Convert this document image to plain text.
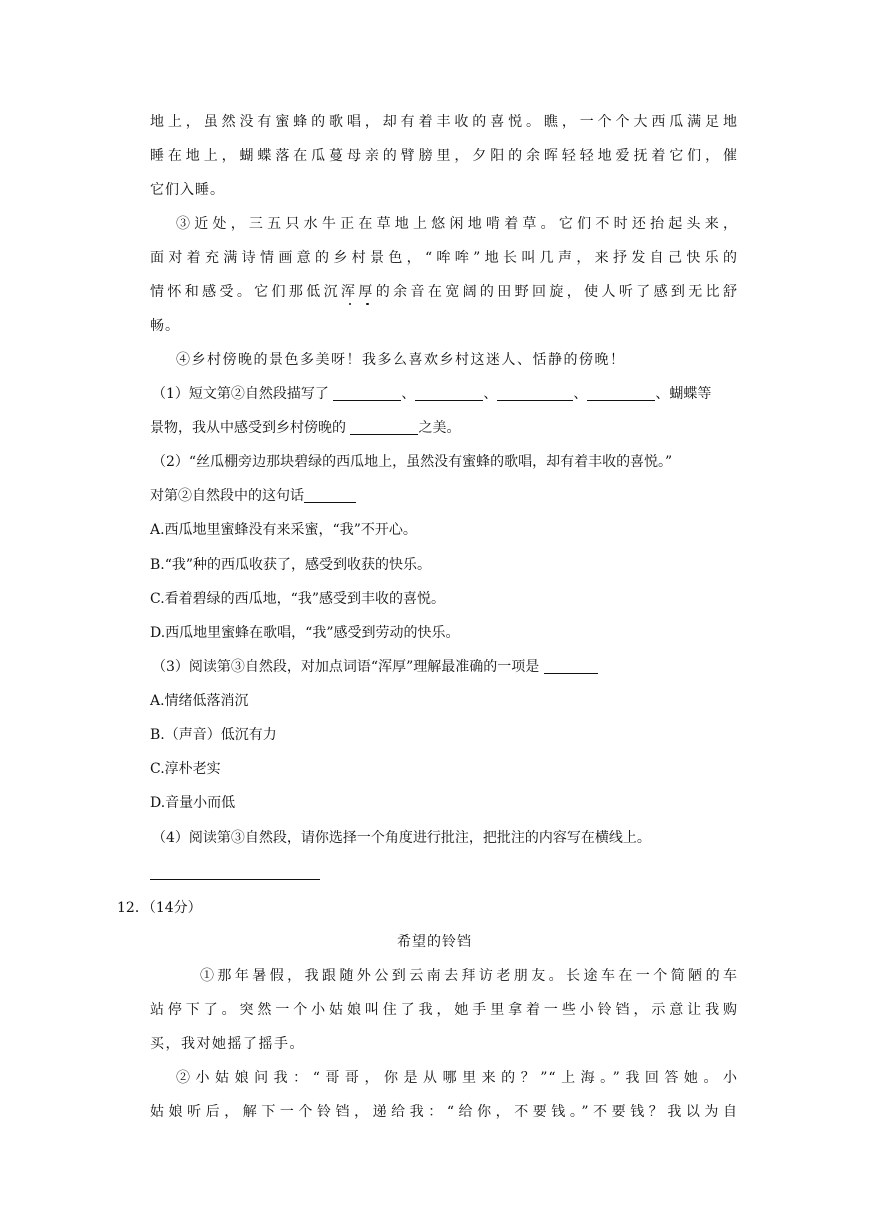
地上，虽然没有蜜蜂的歌唱，却有着丰收的喜悦。瞧，一个个大西瓜满足地
睡在地上，蝴蝶落在瓜蔓母亲的臂膀里，夕阳的余晖轻轻地爱抚着它们，催
它们入睡。
③近处，三五只水牛正在草地上悠闲地啃着草。它们不时还抬起头来，
面对着充满诗情画意的乡村景色，“哞哞”地长叫几声，来抒发自己快乐的
情怀和感受。它们那低沉浑厚的余音在宽阔的田野回旋，使人听了感到无比舒
畅。
④乡村傍晚的景色多美呀！我多么喜欢乡村这迷人、恬静的傍晚！
（1）短文第②自然段描写了	、	、	、	、蝴蝶等
景物，我从中感受到乡村傍晚的	之美。
（2）“丝瓜棚旁边那块碧绿的西瓜地上，虽然没有蜜蜂的歌唱，却有着丰收的喜悦。”
对第②自然段中的这句话
A.西瓜地里蜜蜂没有来采蜜，“我”不开心。
B.“我”种的西瓜收获了，感受到收获的快乐。
C.看着碧绿的西瓜地，“我”感受到丰收的喜悦。
D.西瓜地里蜜蜂在歌唱，“我”感受到劳动的快乐。
（3）阅读第③自然段，对加点词语“浑厚”理解最准确的一项是
A.情绪低落消沉
B.（声音）低沉有力
C.淳朴老实
D.音量小而低
（4）阅读第③自然段，请你选择一个角度进行批注，把批注的内容写在横线上。
12．（14分）
希望的铃铛
①那年暑假，我跟随外公到云南去拜访老朋友。长途车在一个简陋的车
站停下了。突然一个小姑娘叫住了我，她手里拿着一些小铃铛，示意让我购
买，我对她摇了摇手。
②小姑娘问我：“哥哥，你是从哪里来的？”“上海。”我回答她。小
姑娘听后，解下一个铃铛，递给我：“给你，不要钱。”不要钱？我以为自
